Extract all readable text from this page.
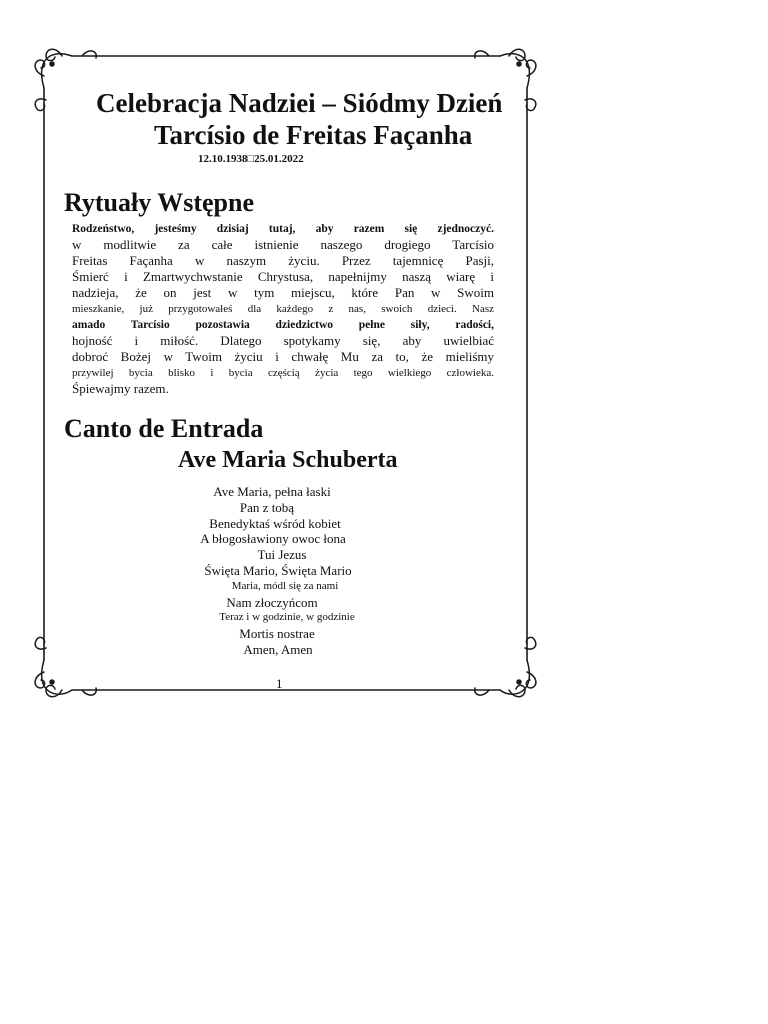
Celebracja Nadziei – Siódmy Dzień
Tarcísio de Freitas Façanha
12.10.1938□25.01.2022
Rytuały Wstępne
Rodzeństwo, jesteśmy dzisiaj tutaj, aby razem się zjednoczyć.
w modlitwie za całe istnienie naszego drogiego Tarcísio
Freitas Façanha w naszym życiu. Przez tajemnicę Pasji,
Śmierć i Zmartwychwstanie Chrystusa, napełnijmy naszą wiarę i
nadzieja, że on jest w tym miejscu, które Pan w Swoim
mieszkanie, już przygotowałeś dla każdego z nas, swoich dzieci. Nasz
amado Tarcísio pozostawia dziedzictwo pełne siły, radości,
hojność i miłość. Dlatego spotykamy się, aby uwielbiać
dobroć Bożej w Twoim życiu i chwałę Mu za to, że mieliśmy
przywilej bycia blisko i bycia częścią życia tego wielkiego człowieka.
Śpiewajmy razem.
Canto de Entrada
Ave Maria Schuberta
Ave Maria, pełna łaski
Pan z tobą
Benedyktaś wśród kobiet
A błogosławiony owoc łona
Tui Jezus
Święta Mario, Święta Mario
Maria, módl się za nami
Nam złoczyńcom
Teraz i w godzinie, w godzinie
Mortis nostrae
Amen, Amen
1
